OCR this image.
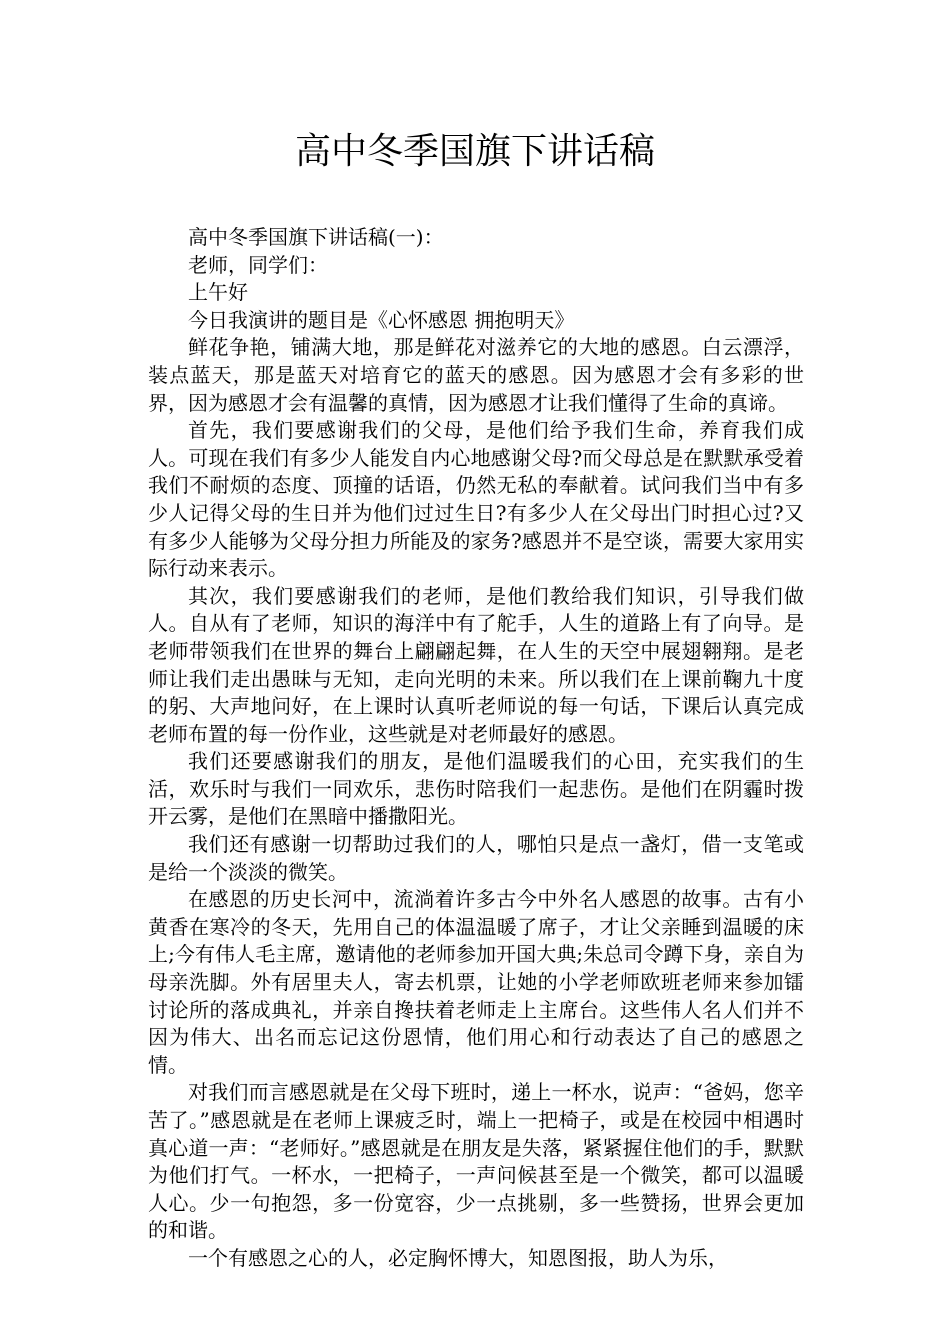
高中冬季国旗下讲话稿

高中冬季国旗下讲话稿(一)：

老师，同学们：

上午好

今日我演讲的题目是《心怀感恩 拥抱明天》

鲜花争艳，铺满大地，那是鲜花对滋养它的大地的感恩。白云漂浮，装点蓝天，那是蓝天对培育它的蓝天的感恩。因为感恩才会有多彩的世界，因为感恩才会有温馨的真情，因为感恩才让我们懂得了生命的真谛。

首先，我们要感谢我们的父母，是他们给予我们生命，养育我们成人。可现在我们有多少人能发自内心地感谢父母?而父母总是在默默承受着我们不耐烦的态度、顶撞的话语，仍然无私的奉献着。试问我们当中有多少人记得父母的生日并为他们过过生日?有多少人在父母出门时担心过?又有多少人能够为父母分担力所能及的家务?感恩并不是空谈，需要大家用实际行动来表示。

其次，我们要感谢我们的老师，是他们教给我们知识，引导我们做人。自从有了老师，知识的海洋中有了舵手，人生的道路上有了向导。是老师带领我们在世界的舞台上翩翩起舞，在人生的天空中展翅翱翔。是老师让我们走出愚昧与无知，走向光明的未来。所以我们在上课前鞠九十度的躬、大声地问好，在上课时认真听老师说的每一句话，下课后认真完成老师布置的每一份作业，这些就是对老师最好的感恩。

我们还要感谢我们的朋友，是他们温暖我们的心田，充实我们的生活，欢乐时与我们一同欢乐，悲伤时陪我们一起悲伤。是他们在阴霾时拨开云雾，是他们在黑暗中播撒阳光。

我们还有感谢一切帮助过我们的人，哪怕只是点一盏灯，借一支笔或是给一个淡淡的微笑。

在感恩的历史长河中，流淌着许多古今中外名人感恩的故事。古有小黄香在寒冷的冬天，先用自己的体温温暖了席子，才让父亲睡到温暖的床上;今有伟人毛主席，邀请他的老师参加开国大典;朱总司令蹲下身，亲自为母亲洗脚。外有居里夫人，寄去机票，让她的小学老师欧班老师来参加镭讨论所的落成典礼，并亲自搀扶着老师走上主席台。这些伟人名人们并不因为伟大、出名而忘记这份恩情，他们用心和行动表达了自己的感恩之情。

对我们而言感恩就是在父母下班时，递上一杯水，说声：“爸妈，您辛苦了。”感恩就是在老师上课疲乏时，端上一把椅子，或是在校园中相遇时真心道一声：“老师好。”感恩就是在朋友是失落，紧紧握住他们的手，默默为他们打气。一杯水，一把椅子，一声问候甚至是一个微笑，都可以温暖人心。少一句抱怨，多一份宽容，少一点挑剔，多一些赞扬，世界会更加的和谐。

一个有感恩之心的人，必定胸怀博大，知恩图报，助人为乐，
